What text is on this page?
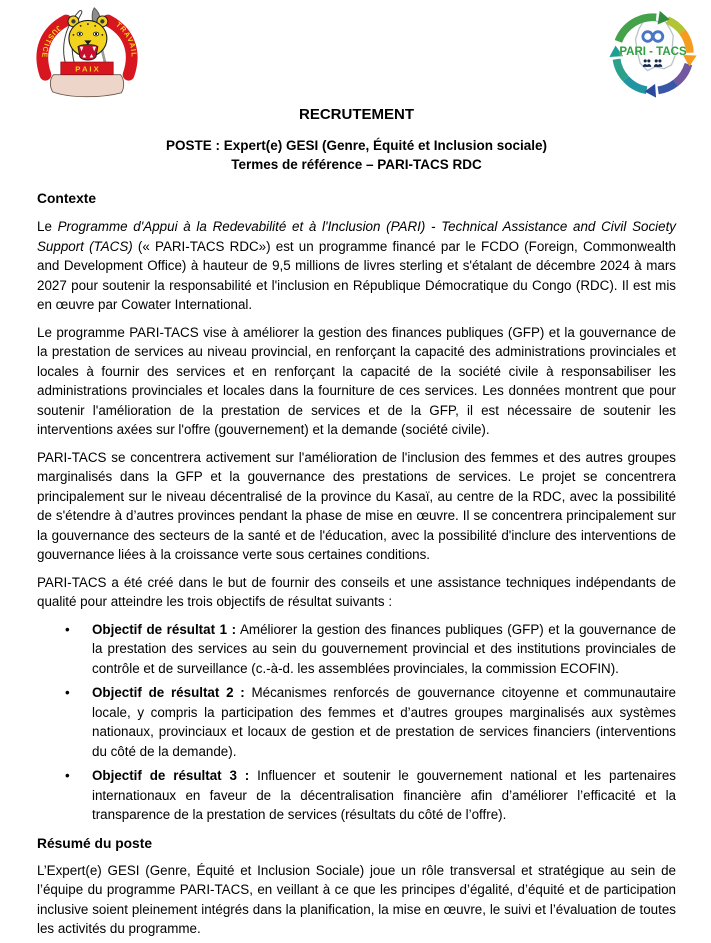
JUSTICE
TRAVAIL
P A I X
PARI - TACS
RECRUTEMENT
POSTE : Expert(e) GESI (Genre, Équité et Inclusion sociale)
Termes de référence – PARI-TACS RDC
Contexte

Le Programme d'Appui à la Redevabilité et à l'Inclusion (PARI) - Technical Assistance and Civil Society Support (TACS) (« PARI-TACS RDC») est un programme financé par le FCDO (Foreign, Commonwealth and Development Office) à hauteur de 9,5 millions de livres sterling et s'étalant de décembre 2024 à mars 2027 pour soutenir la responsabilité et l'inclusion en République Démocratique du Congo (RDC). Il est mis en œuvre par Cowater International.

Le programme PARI-TACS vise à améliorer la gestion des finances publiques (GFP) et la gouvernance de la prestation de services au niveau provincial, en renforçant la capacité des administrations provinciales et locales à fournir des services et en renforçant la capacité de la société civile à responsabiliser les administrations provinciales et locales dans la fourniture de ces services. Les données montrent que pour soutenir l'amélioration de la prestation de services et de la GFP, il est nécessaire de soutenir les interventions axées sur l'offre (gouvernement) et la demande (société civile).

PARI-TACS se concentrera activement sur l'amélioration de l'inclusion des femmes et des autres groupes marginalisés dans la GFP et la gouvernance des prestations de services. Le projet se concentrera principalement sur le niveau décentralisé de la province du Kasaï, au centre de la RDC, avec la possibilité de s'étendre à d’autres provinces pendant la phase de mise en œuvre. Il se concentrera principalement sur la gouvernance des secteurs de la santé et de l'éducation, avec la possibilité d'inclure des interventions de gouvernance liées à la croissance verte sous certaines conditions.

PARI-TACS a été créé dans le but de fournir des conseils et une assistance techniques indépendants de qualité pour atteindre les trois objectifs de résultat suivants :

• Objectif de résultat 1 : Améliorer la gestion des finances publiques (GFP) et la gouvernance de la prestation des services au sein du gouvernement provincial et des institutions provinciales de contrôle et de surveillance (c.-à-d. les assemblées provinciales, la commission ECOFIN).
• Objectif de résultat 2 : Mécanismes renforcés de gouvernance citoyenne et communautaire locale, y compris la participation des femmes et d’autres groupes marginalisés aux systèmes nationaux, provinciaux et locaux de gestion et de prestation de services financiers (interventions du côté de la demande).
• Objectif de résultat 3 : Influencer et soutenir le gouvernement national et les partenaires internationaux en faveur de la décentralisation financière afin d’améliorer l’efficacité et la transparence de la prestation de services (résultats du côté de l’offre).
Résumé du poste

L’Expert(e) GESI (Genre, Équité et Inclusion Sociale) joue un rôle transversal et stratégique au sein de l’équipe du programme PARI-TACS, en veillant à ce que les principes d’égalité, d’équité et de participation inclusive soient pleinement intégrés dans la planification, la mise en œuvre, le suivi et l’évaluation de toutes les activités du programme.
